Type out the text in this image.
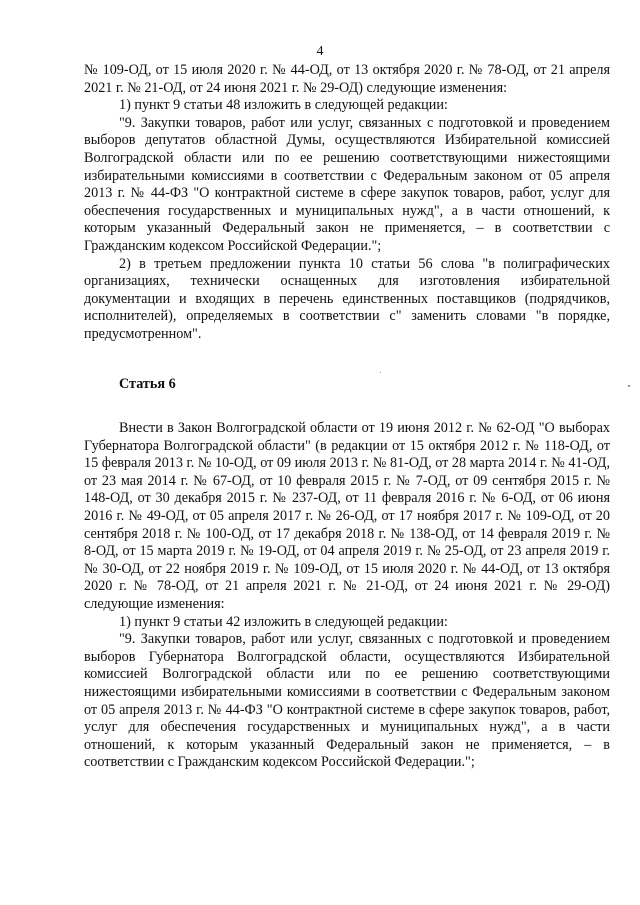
4

№ 109-ОД, от 15 июля 2020 г. № 44-ОД, от 13 октября 2020 г. № 78-ОД, от 21 апреля 2021 г. № 21-ОД, от 24 июня 2021 г. № 29-ОД) следующие изменения:

1) пункт 9 статьи 48 изложить в следующей редакции:

"9. Закупки товаров, работ или услуг, связанных с подготовкой и проведением выборов депутатов областной Думы, осуществляются Избирательной комиссией Волгоградской области или по ее решению соответствующими нижестоящими избирательными комиссиями в соответствии с Федеральным законом от 05 апреля 2013 г. № 44-ФЗ "О контрактной системе в сфере закупок товаров, работ, услуг для обеспечения государственных и муниципальных нужд", а в части отношений, к которым указанный Федеральный закон не применяется, – в соответствии с Гражданским кодексом Российской Федерации.";

2) в третьем предложении пункта 10 статьи 56 слова "в полиграфических организациях, технически оснащенных для изготовления избирательной документации и входящих в перечень единственных поставщиков (подрядчиков, исполнителей), определяемых в соответствии с" заменить словами "в порядке, предусмотренном".

Статья 6

Внести в Закон Волгоградской области от 19 июня 2012 г. № 62-ОД "О выборах Губернатора Волгоградской области" (в редакции от 15 октября 2012 г. № 118-ОД, от 15 февраля 2013 г. № 10-ОД, от 09 июля 2013 г. № 81-ОД, от 28 марта 2014 г. № 41-ОД, от 23 мая 2014 г. № 67-ОД, от 10 февраля 2015 г. № 7-ОД, от 09 сентября 2015 г. № 148-ОД, от 30 декабря 2015 г. № 237-ОД, от 11 февраля 2016 г. № 6-ОД, от 06 июня 2016 г. № 49-ОД, от 05 апреля 2017 г. № 26-ОД, от 17 ноября 2017 г. № 109-ОД, от 20 сентября 2018 г. № 100-ОД, от 17 декабря 2018 г. № 138-ОД, от 14 февраля 2019 г. № 8-ОД, от 15 марта 2019 г. № 19-ОД, от 04 апреля 2019 г. № 25-ОД, от 23 апреля 2019 г. № 30-ОД, от 22 ноября 2019 г. № 109-ОД, от 15 июля 2020 г. № 44-ОД, от 13 октября 2020 г. № 78-ОД, от 21 апреля 2021 г. № 21-ОД, от 24 июня 2021 г. № 29-ОД) следующие изменения:

1) пункт 9 статьи 42 изложить в следующей редакции:

"9. Закупки товаров, работ или услуг, связанных с подготовкой и проведением выборов Губернатора Волгоградской области, осуществляются Избирательной комиссией Волгоградской области или по ее решению соответствующими нижестоящими избирательными комиссиями в соответствии с Федеральным законом от 05 апреля 2013 г. № 44-ФЗ "О контрактной системе в сфере закупок товаров, работ, услуг для обеспечения государственных и муниципальных нужд", а в части отношений, к которым указанный Федеральный закон не применяется, – в соответствии с Гражданским кодексом Российской Федерации.";
